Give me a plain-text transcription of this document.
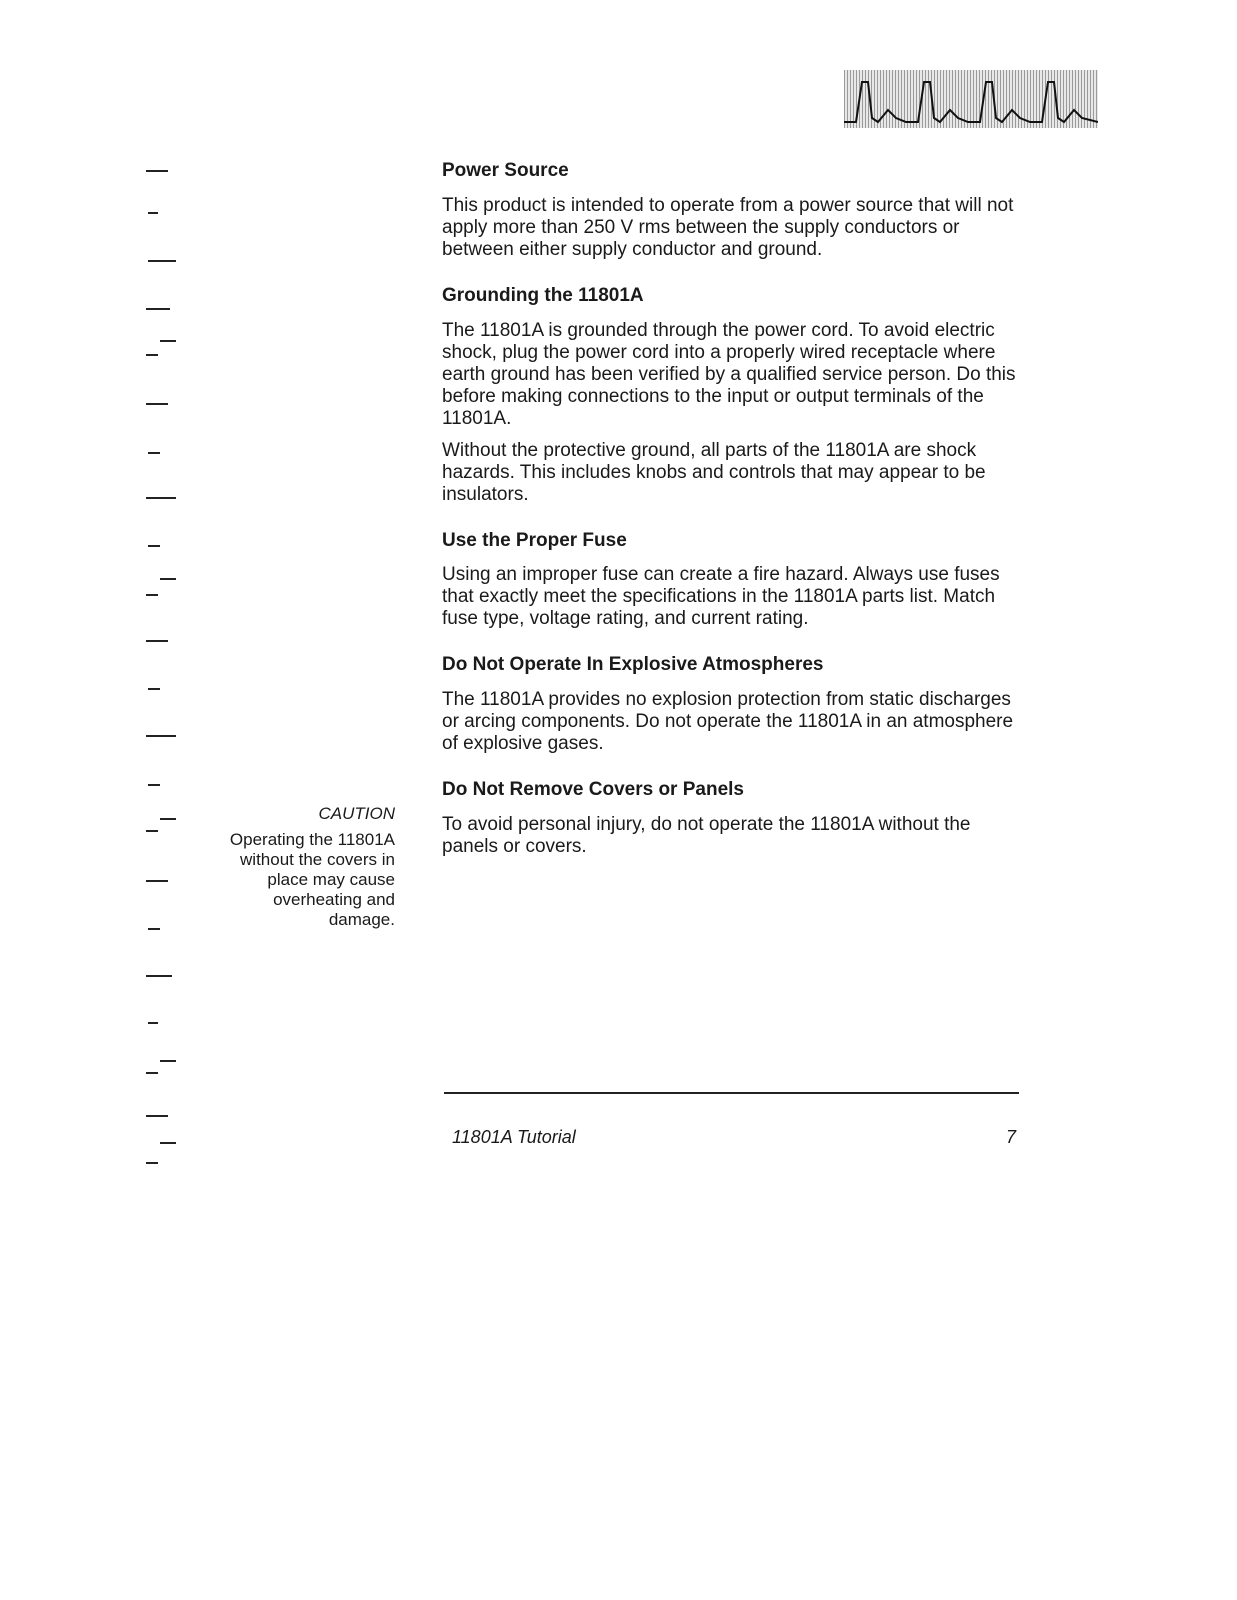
Power Source

This product is intended to operate from a power source that will not apply more than 250 V rms between the supply conductors or between either supply conductor and ground.

Grounding the 11801A

The 11801A is grounded through the power cord. To avoid electric shock, plug the power cord into a properly wired receptacle where earth ground has been verified by a qualified service person. Do this before making connections to the input or output terminals of the 11801A.

Without the protective ground, all parts of the 11801A are shock hazards. This includes knobs and controls that may appear to be insulators.

Use the Proper Fuse

Using an improper fuse can create a fire hazard. Always use fuses that exactly meet the specifications in the 11801A parts list. Match fuse type, voltage rating, and current rating.

Do Not Operate In Explosive Atmospheres

The 11801A provides no explosion protection from static discharges or arcing components. Do not operate the 11801A in an atmosphere of explosive gases.

Do Not Remove Covers or Panels

To avoid personal injury, do not operate the 11801A without the panels or covers.

CAUTION
Operating the 11801A without the covers in place may cause overheating and damage.
11801A Tutorial	7
